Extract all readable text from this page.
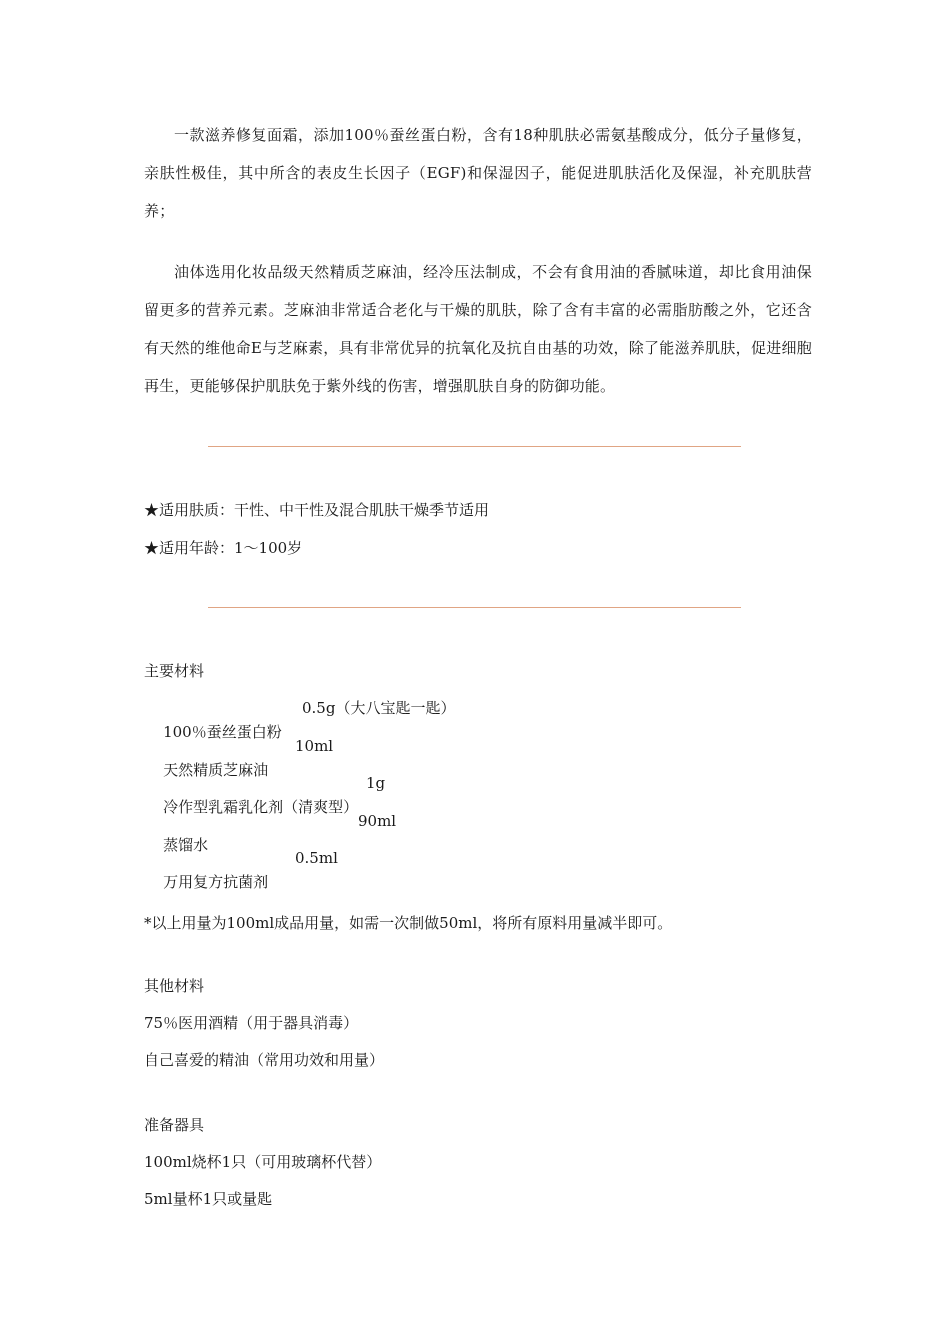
一款滋养修复面霜，添加100％蚕丝蛋白粉，含有18种肌肤必需氨基酸成分，低分子量修复，亲肤性极佳，其中所含的表皮生长因子（EGF)和保湿因子，能促进肌肤活化及保湿，补充肌肤营养；

油体选用化妆品级天然精质芝麻油，经冷压法制成，不会有食用油的香腻味道，却比食用油保留更多的营养元素。芝麻油非常适合老化与干燥的肌肤，除了含有丰富的必需脂肪酸之外，它还含有天然的维他命E与芝麻素，具有非常优异的抗氧化及抗自由基的功效，除了能滋养肌肤，促进细胞再生，更能够保护肌肤免于紫外线的伤害，增强肌肤自身的防御功能。

★适用肤质：干性、中干性及混合肌肤干燥季节适用

★适用年龄：1～100岁

主要材料

100％蚕丝蛋白粉

0.5g（大八宝匙一匙）

天然精质芝麻油

10ml

冷作型乳霜乳化剂（清爽型）

1g

蒸馏水

90ml

万用复方抗菌剂

0.5ml

*以上用量为100ml成品用量，如需一次制做50ml，将所有原料用量减半即可。

其他材料

75％医用酒精（用于器具消毒）

自己喜爱的精油（常用功效和用量）

准备器具

100ml烧杯1只（可用玻璃杯代替）

5ml量杯1只或量匙
